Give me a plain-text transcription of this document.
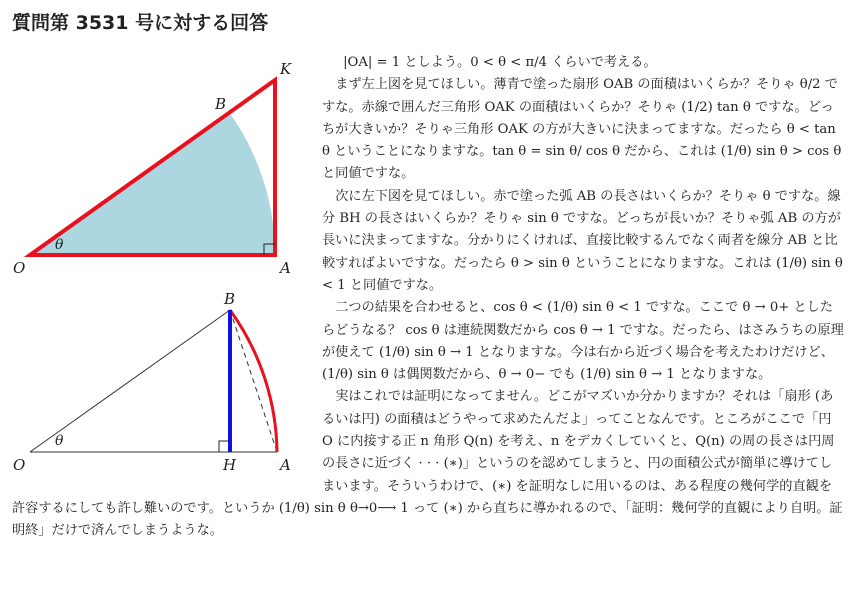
質問第 3531 号に対する回答
K
B
O	A
θ
B
O	H	A
θ

|OA| = 1 としよう。0 < θ < π/4 くらいで考える。

まず左上図を見てほしい。薄青で塗った扇形 OAB の面積はいくらか？そりゃ θ/2 ですな。赤線で囲んだ三角形 OAK の面積はいくらか？そりゃ (1/2) tan θ ですな。どっちが大きいか？そりゃ三角形 OAK の方が大きいに決まってますな。だったら θ < tan θ ということになりますな。tan θ = sin θ/ cos θ だから、これは (1/θ) sin θ > cos θ と同値ですな。

次に左下図を見てほしい。赤で塗った弧 AB の長さはいくらか？そりゃ θ ですな。線分 BH の長さはいくらか？そりゃ sin θ ですな。どっちが長いか？そりゃ弧 AB の方が長いに決まってますな。分かりにくければ、直接比較するんでなく両者を線分 AB と比較すればよいですな。だったら θ > sin θ ということになりますな。これは (1/θ) sin θ < 1 と同値ですな。

二つの結果を合わせると、cos θ < (1/θ) sin θ < 1 ですな。ここで θ → 0+ としたらどうなる？ cos θ は連続関数だから cos θ → 1 ですな。だったら、はさみうちの原理が使えて (1/θ) sin θ → 1 となりますな。今は右から近づく場合を考えたわけだけど、(1/θ) sin θ は偶関数だから、θ → 0− でも (1/θ) sin θ → 1 となりますな。

実はこれでは証明になってません。どこがマズいか分かりますか？それは「扇形 (あるいは円) の面積はどうやって求めたんだよ」ってことなんです。ところがここで「円 O に内接する正 n 角形 Q(n) を考え、n をデカくしていくと、Q(n) の周の長さは円周の長さに近づく · · · (∗)」というのを認めてしまうと、円の面積公式が簡単に導けてしまいます。そういうわけで、(∗) を証明なしに用いるのは、ある程度の幾何学的直観を許容するにしても許し難いのです。というか (1/θ) sin θ θ→0⟶ 1 って (∗) から直ちに導かれるので、「証明：幾何学的直観により自明。証明終」だけで済んでしまうような。
